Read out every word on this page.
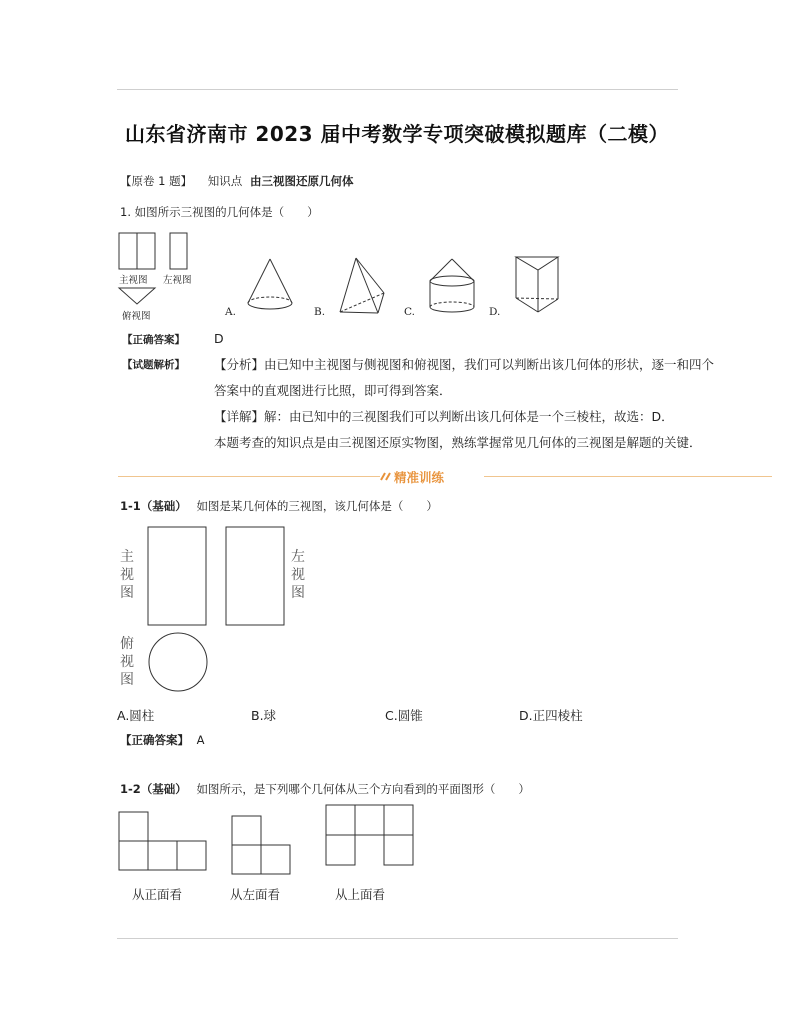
山东省济南市 2023 届中考数学专项突破模拟题库（二模）
【原卷 1 题】 知识点 由三视图还原几何体
1. 如图所示三视图的几何体是（　　）
主视图 左视图
俯视图	A.	B.	C.	D.
【正确答案】 D
【试题解析】 【分析】由已知中主视图与侧视图和俯视图，我们可以判断出该几何体的形状，逐一和四个
答案中的直观图进行比照，即可得到答案．
【详解】解：由已知中的三视图我们可以判断出该几何体是一个三棱柱，故选：D．
本题考查的知识点是由三视图还原实物图，熟练掌握常见几何体的三视图是解题的关键．
精准训练
1-1（基础） 如图是某几何体的三视图，该几何体是（　　）
主
视
图
左
视
图
俯
视
图
A.圆柱	B.球	C.圆锥	D.正四棱柱
【正确答案】 A
1-2（基础） 如图所示，是下列哪个几何体从三个方向看到的平面图形（　　）
从正面看	从左面看	从上面看
